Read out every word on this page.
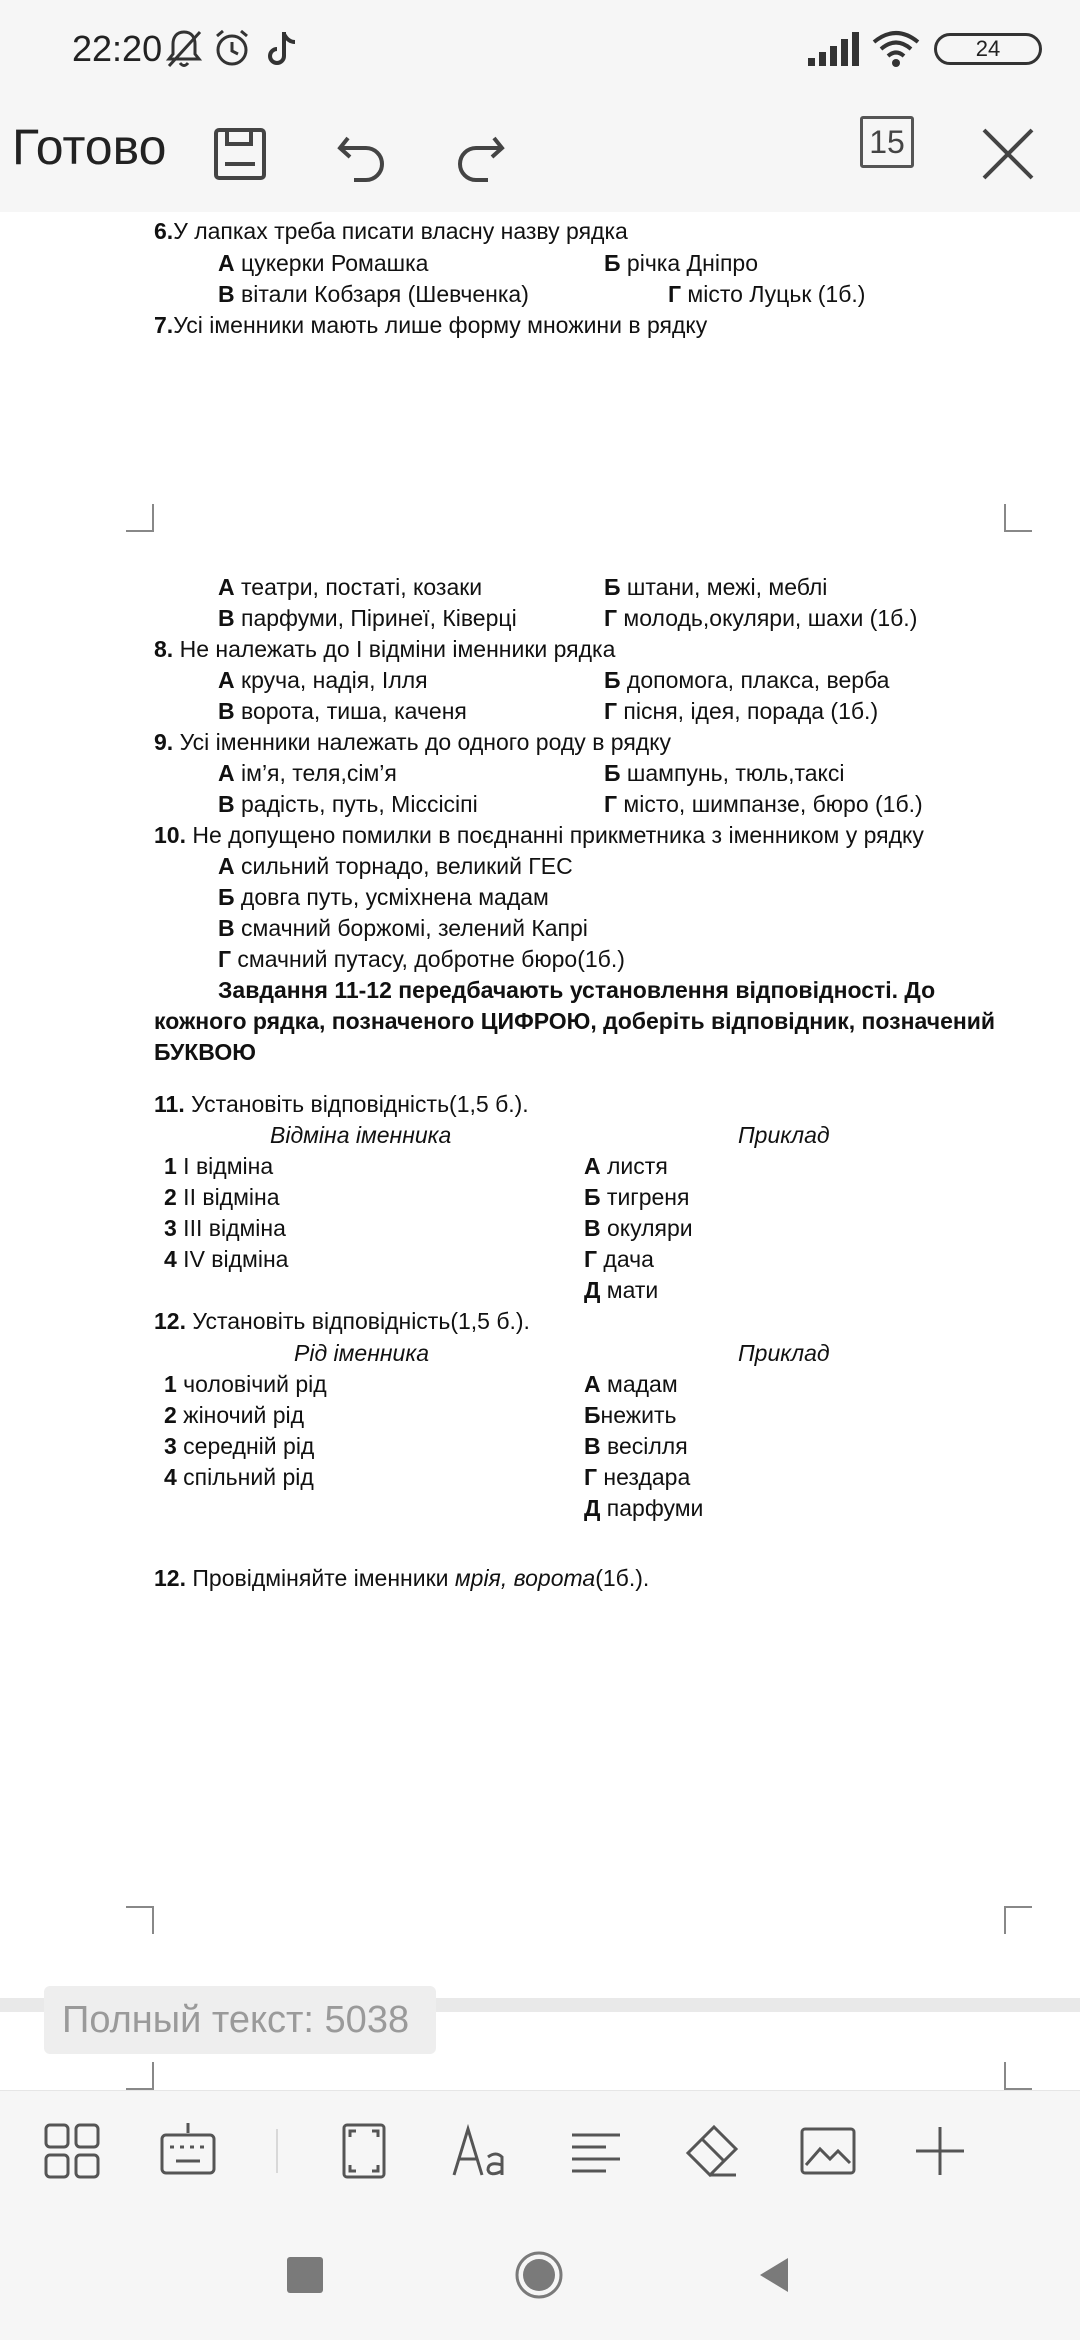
22:20	24
Готово	15
6.У лапках треба писати власну назву рядка
А цукерки Ромашка	Б річка Дніпро
В вітали Кобзаря (Шевченка)	Г місто Луцьк (1б.)
7.Усі іменники мають лише форму множини в рядку
А театри, постаті, козаки	Б штани, межі, меблі
В парфуми, Піринеї, Ківерці	Г молодь,окуляри, шахи (1б.)
8. Не належать до І відміни іменники рядка
А круча, надія, Ілля	Б допомога, плакса, верба
В ворота, тиша, каченя	Г пісня, ідея, порада (1б.)
9. Усі іменники належать до одного роду в рядку
А ім’я, теля,сім’я	Б шампунь, тюль,таксі
В радість, путь, Міссісіпі	Г місто, шимпанзе, бюро (1б.)
10. Не допущено помилки в поєднанні прикметника з іменником у рядку
А сильний торнадо, великий ГЕС
Б довга путь, усміхнена мадам
В смачний боржомі, зелений Капрі
Г смачний путасу, добротне бюро(1б.)
Завдання 11-12 передбачають установлення відповідності. До
кожного рядка, позначеного ЦИФРОЮ, доберіть відповідник, позначений
БУКВОЮ
11. Установіть відповідність(1,5 б.).
Відміна іменника	Приклад
1 І відміна	А листя
2 ІІ відміна	Б тигреня
3 ІІІ відміна	В окуляри
4 ІV відміна	Г дача
Д мати
12. Установіть відповідність(1,5 б.).
Рід іменника	Приклад
1 чоловічий рід	А мадам
2 жіночий рід	Бнежить
3 середній рід	В весілля
4 спільний рід	Г нездара
Д парфуми
12. Провідміняйте іменники мрія, ворота(1б.).
Полный текст: 5038
